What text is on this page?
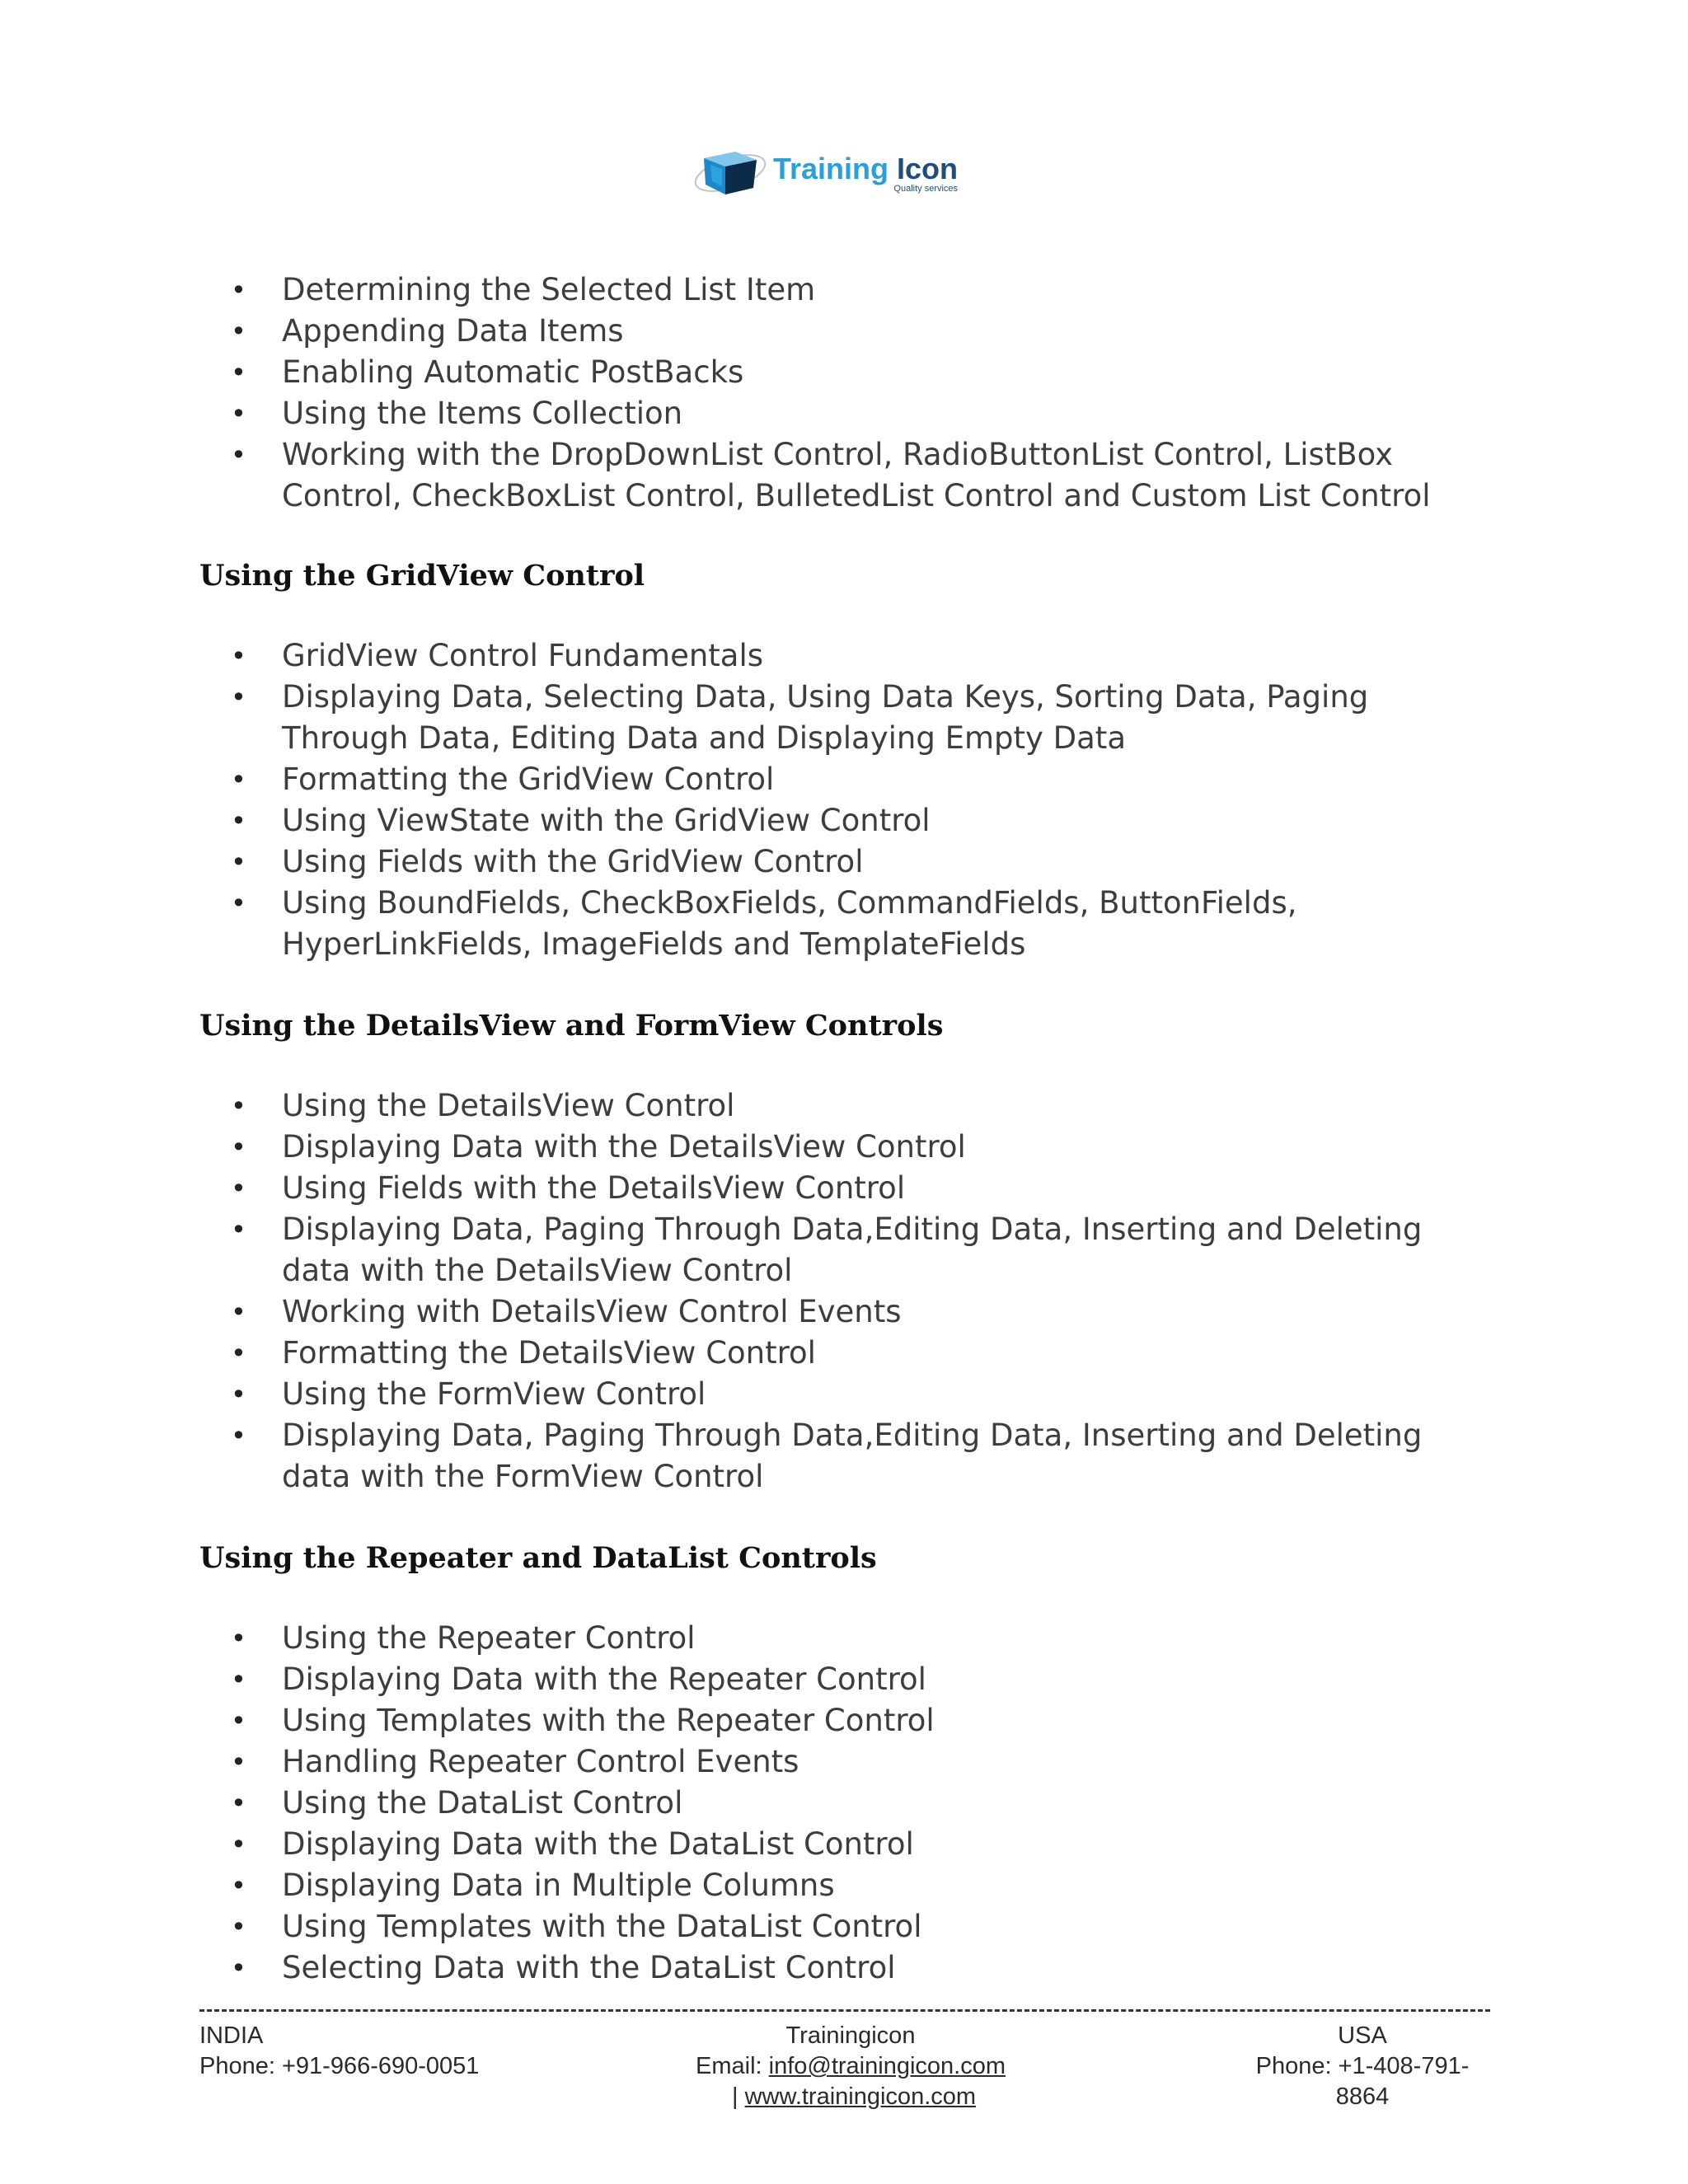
Training Icon
Quality services
• Determining the Selected List Item
• Appending Data Items
• Enabling Automatic PostBacks
• Using the Items Collection
• Working with the DropDownList Control, RadioButtonList Control, ListBox Control, CheckBoxList Control, BulletedList Control and Custom List Control
Using the GridView Control
• GridView Control Fundamentals
• Displaying Data, Selecting Data, Using Data Keys, Sorting Data, Paging Through Data, Editing Data and Displaying Empty Data
• Formatting the GridView Control
• Using ViewState with the GridView Control
• Using Fields with the GridView Control
• Using BoundFields, CheckBoxFields, CommandFields, ButtonFields, HyperLinkFields, ImageFields and TemplateFields
Using the DetailsView and FormView Controls
• Using the DetailsView Control
• Displaying Data with the DetailsView Control
• Using Fields with the DetailsView Control
• Displaying Data, Paging Through Data,Editing Data, Inserting and Deleting data with the DetailsView Control
• Working with DetailsView Control Events
• Formatting the DetailsView Control
• Using the FormView Control
• Displaying Data, Paging Through Data,Editing Data, Inserting and Deleting data with the FormView Control
Using the Repeater and DataList Controls
• Using the Repeater Control
• Displaying Data with the Repeater Control
• Using Templates with the Repeater Control
• Handling Repeater Control Events
• Using the DataList Control
• Displaying Data with the DataList Control
• Displaying Data in Multiple Columns
• Using Templates with the DataList Control
• Selecting Data with the DataList Control
INDIA
Phone: +91-966-690-0051
Trainingicon
Email: info@trainingicon.com | www.trainingicon.com
USA
Phone: +1-408-791-8864
